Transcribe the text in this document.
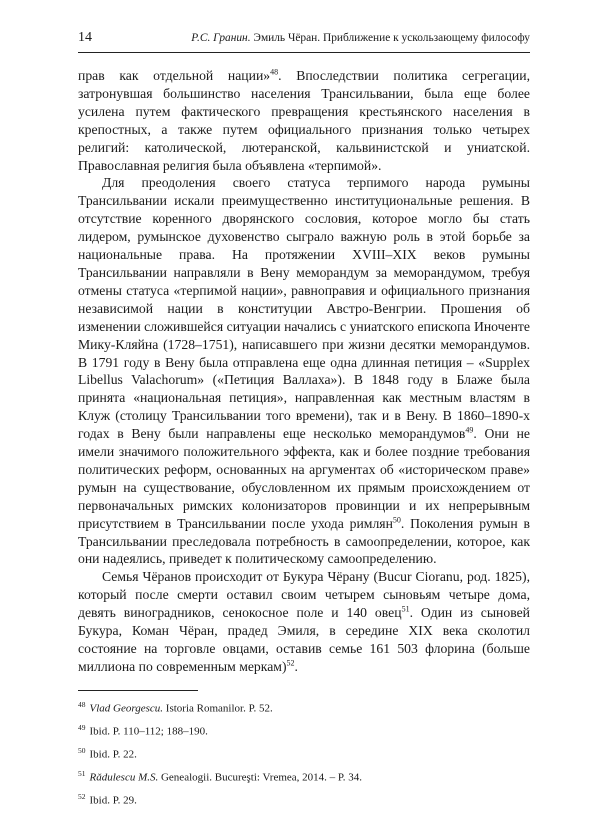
14	Р.С. Гранин. Эмиль Чёран. Приближение к ускользающему философу

прав как отдельной нации»$^{48}$. Впоследствии политика сегрегации, затронувшая большинство населения Трансильвании, была еще более усилена путем фактического превращения крестьянского населения в крепостных, а также путем официального признания только четырех религий: католической, лютеранской, кальвинистской и униатской. Православная религия была объявлена «терпимой».

Для преодоления своего статуса терпимого народа румыны Трансильвании искали преимущественно институциональные решения. В отсутствие коренного дворянского сословия, которое могло бы стать лидером, румынское духовенство сыграло важную роль в этой борьбе за национальные права. На протяжении XVIII–XIX веков румыны Трансильвании направляли в Вену меморандум за меморандумом, требуя отмены статуса «терпимой нации», равноправия и официального признания независимой нации в конституции Австро-Венгрии. Прошения об изменении сложившейся ситуации начались с униатского епископа Иноченте Мику-Кляйна (1728–1751), написавшего при жизни десятки меморандумов. В 1791 году в Вену была отправлена еще одна длинная петиция – «Supplex Libellus Valachorum» («Петиция Валлаха»). В 1848 году в Блаже была принята «национальная петиция», направленная как местным властям в Клуж (столицу Трансильвании того времени), так и в Вену. В 1860–1890-х годах в Вену были направлены еще несколько меморандумов$^{49}$. Они не имели значимого положительного эффекта, как и более поздние требования политических реформ, основанных на аргументах об «историческом праве» румын на существование, обусловленном их прямым происхождением от первоначальных римских колонизаторов провинции и их непрерывным присутствием в Трансильвании после ухода римлян$^{50}$. Поколения румын в Трансильвании преследовала потребность в самоопределении, которое, как они надеялись, приведет к политическому самоопределению.

Семья Чёранов происходит от Букура Чёрану (Bucur Cioranu, род. 1825), который после смерти оставил своим четырем сыновьям четыре дома, девять виноградников, сенокосное поле и 140 овец$^{51}$. Один из сыновей Букура, Коман Чёран, прадед Эмиля, в середине XIX века сколотил состояние на торговле овцами, оставив семье 161 503 флорина (больше миллиона по современным меркам)$^{52}$.

$^{48}$ Vlad Georgescu. Istoria Romanilor. P. 52.
$^{49}$ Ibid. P. 110–112; 188–190.
$^{50}$ Ibid. P. 22.
$^{51}$ Rădulescu M.S. Genealogii. Bucureşti: Vremea, 2014. – P. 34.
$^{52}$ Ibid. P. 29.
